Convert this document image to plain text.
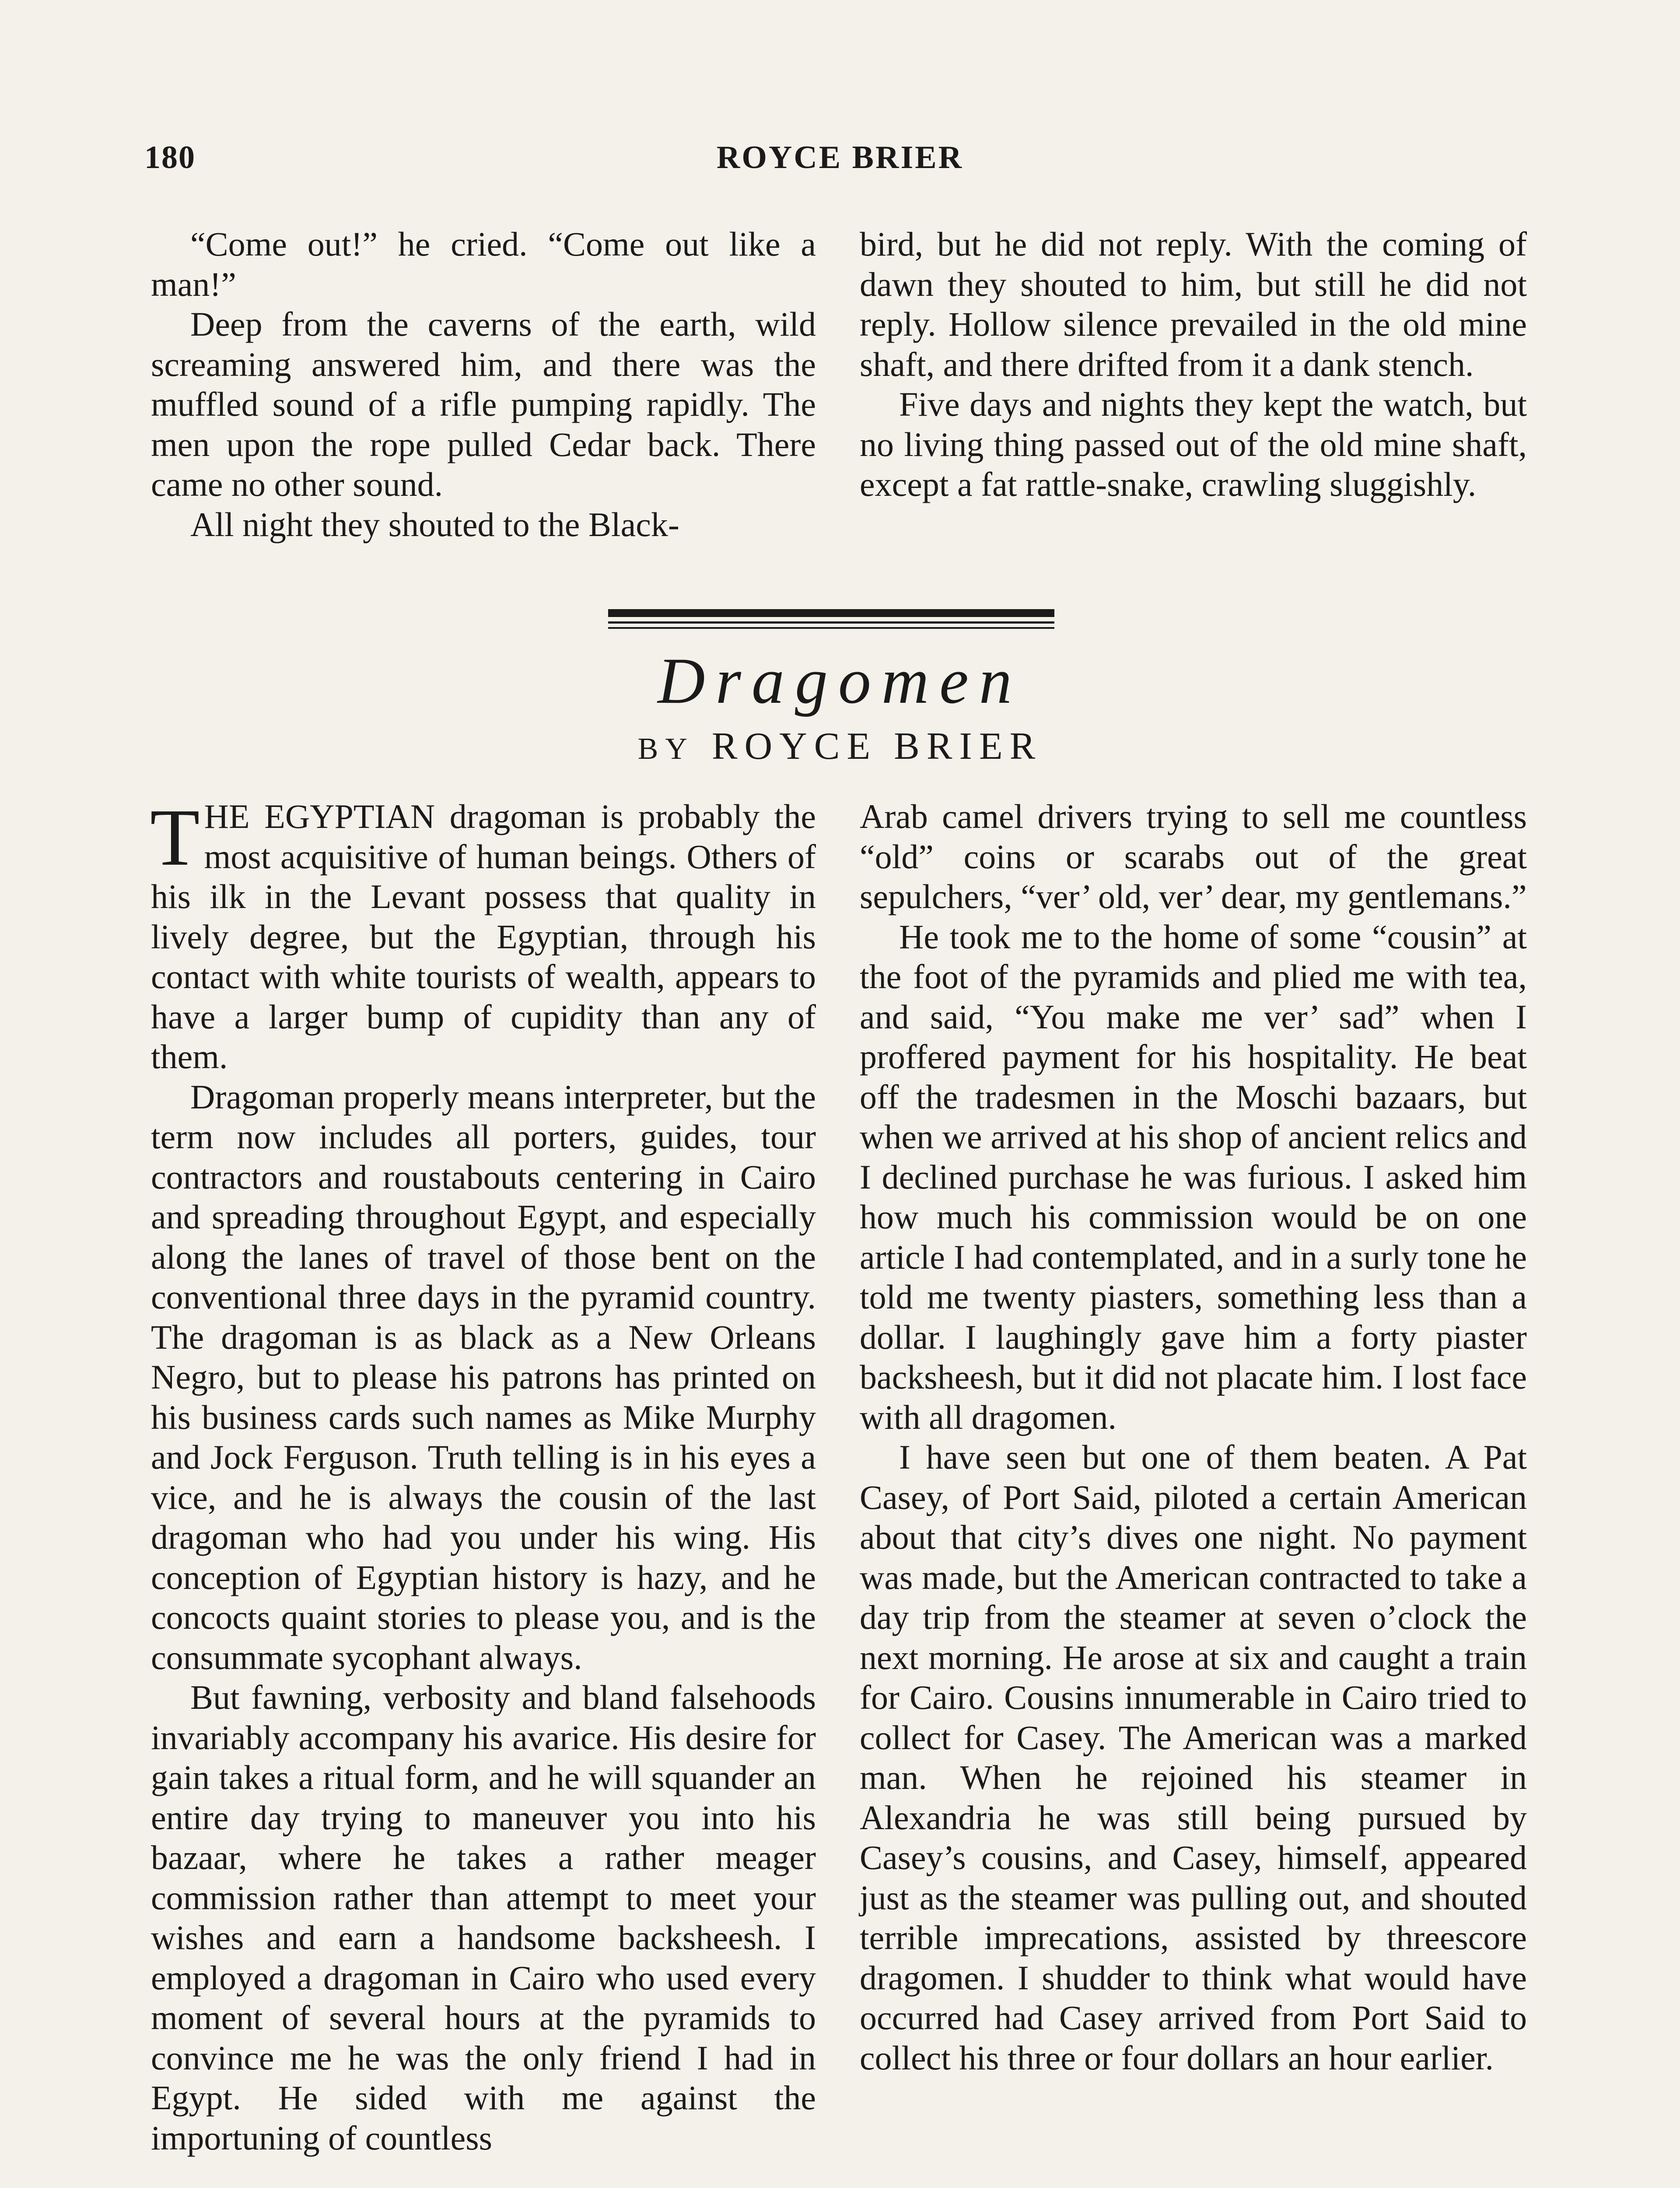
180	ROYCE BRIER

“Come out!” he cried. “Come out like a man!”

Deep from the caverns of the earth, wild screaming answered him, and there was the muffled sound of a rifle pumping rapidly. The men upon the rope pulled Cedar back. There came no other sound.

All night they shouted to the Black-

bird, but he did not reply. With the coming of dawn they shouted to him, but still he did not reply. Hollow silence prevailed in the old mine shaft, and there drifted from it a dank stench.

Five days and nights they kept the watch, but no living thing passed out of the old mine shaft, except a fat rattle-snake, crawling sluggishly.

Dragomen
BY ROYCE BRIER

THE EGYPTIAN dragoman is probably the most acquisitive of human beings. Others of his ilk in the Levant possess that quality in lively degree, but the Egyptian, through his contact with white tourists of wealth, appears to have a larger bump of cupidity than any of them.

Dragoman properly means interpreter, but the term now includes all porters, guides, tour contractors and roustabouts centering in Cairo and spreading throughout Egypt, and especially along the lanes of travel of those bent on the conventional three days in the pyramid country. The dragoman is as black as a New Orleans Negro, but to please his patrons has printed on his business cards such names as Mike Murphy and Jock Ferguson. Truth telling is in his eyes a vice, and he is always the cousin of the last dragoman who had you under his wing. His conception of Egyptian history is hazy, and he concocts quaint stories to please you, and is the consummate sycophant always.

But fawning, verbosity and bland falsehoods invariably accompany his avarice. His desire for gain takes a ritual form, and he will squander an entire day trying to maneuver you into his bazaar, where he takes a rather meager commission rather than attempt to meet your wishes and earn a handsome backsheesh. I employed a dragoman in Cairo who used every moment of several hours at the pyramids to convince me he was the only friend I had in Egypt. He sided with me against the importuning of countless

Arab camel drivers trying to sell me countless “old” coins or scarabs out of the great sepulchers, “ver’ old, ver’ dear, my gentlemans.”

He took me to the home of some “cousin” at the foot of the pyramids and plied me with tea, and said, “You make me ver’ sad” when I proffered payment for his hospitality. He beat off the tradesmen in the Moschi bazaars, but when we arrived at his shop of ancient relics and I declined purchase he was furious. I asked him how much his commission would be on one article I had contemplated, and in a surly tone he told me twenty piasters, something less than a dollar. I laughingly gave him a forty piaster backsheesh, but it did not placate him. I lost face with all dragomen.

I have seen but one of them beaten. A Pat Casey, of Port Said, piloted a certain American about that city’s dives one night. No payment was made, but the American contracted to take a day trip from the steamer at seven o’clock the next morning. He arose at six and caught a train for Cairo. Cousins innumerable in Cairo tried to collect for Casey. The American was a marked man. When he rejoined his steamer in Alexandria he was still being pursued by Casey’s cousins, and Casey, himself, appeared just as the steamer was pulling out, and shouted terrible imprecations, assisted by threescore dragomen. I shudder to think what would have occurred had Casey arrived from Port Said to collect his three or four dollars an hour earlier.
